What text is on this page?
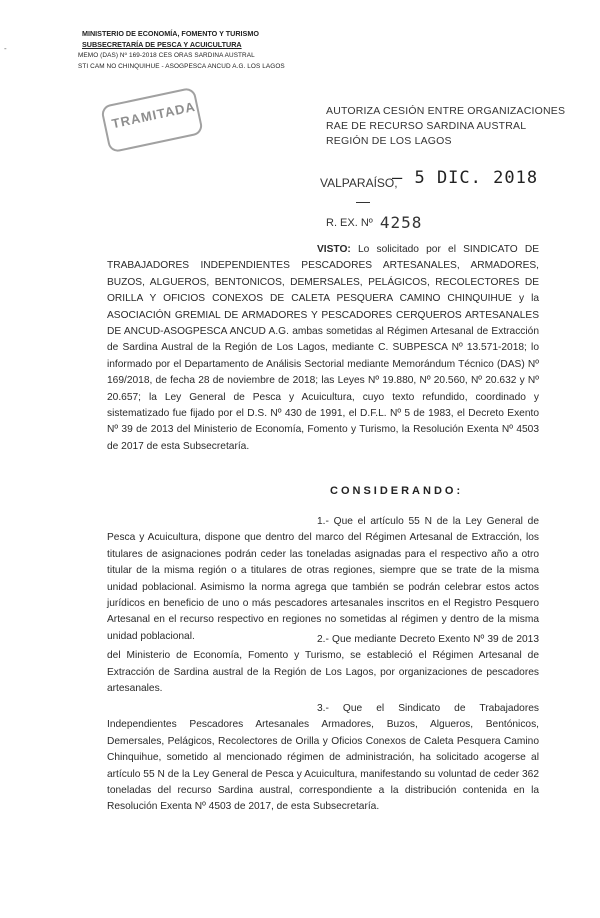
-
MINISTERIO DE ECONOMÍA, FOMENTO Y TURISMO
SUBSECRETARÍA DE PESCA Y ACUICULTURA
MEMO (DAS) Nº 169-2018 CES ORAS SARDINA AUSTRAL
STI CAM NO CHINQUIHUE - ASOGPESCA ANCUD A.G. LOS LAGOS
TRAMITADA	AUTORIZA CESIÓN ENTRE ORGANIZACIONES RAE DE RECURSO SARDINA AUSTRAL REGIÓN DE LOS LAGOS
VALPARAÍSO,
– 5 DIC. 2018
R. EX. Nº 4258

VISTO: Lo solicitado por el SINDICATO DE TRABAJADORES INDEPENDIENTES PESCADORES ARTESANALES, ARMADORES, BUZOS, ALGUEROS, BENTONICOS, DEMERSALES, PELÁGICOS, RECOLECTORES DE ORILLA Y OFICIOS CONEXOS DE CALETA PESQUERA CAMINO CHINQUIHUE y la ASOCIACIÓN GREMIAL DE ARMADORES Y PESCADORES CERQUEROS ARTESANALES DE ANCUD-ASOGPESCA ANCUD A.G. ambas sometidas al Régimen Artesanal de Extracción de Sardina Austral de la Región de Los Lagos, mediante C. SUBPESCA Nº 13.571-2018; lo informado por el Departamento de Análisis Sectorial mediante Memorándum Técnico (DAS) Nº 169/2018, de fecha 28 de noviembre de 2018; las Leyes Nº 19.880, Nº 20.560, Nº 20.632 y Nº 20.657; la Ley General de Pesca y Acuicultura, cuyo texto refundido, coordinado y sistematizado fue fijado por el D.S. Nº 430 de 1991, el D.F.L. Nº 5 de 1983, el Decreto Exento Nº 39 de 2013 del Ministerio de Economía, Fomento y Turismo, la Resolución Exenta Nº 4503 de 2017 de esta Subsecretaría.

CONSIDERANDO:

1.- Que el artículo 55 N de la Ley General de Pesca y Acuicultura, dispone que dentro del marco del Régimen Artesanal de Extracción, los titulares de asignaciones podrán ceder las toneladas asignadas para el respectivo año a otro titular de la misma región o a titulares de otras regiones, siempre que se trate de la misma unidad poblacional. Asimismo la norma agrega que también se podrán celebrar estos actos jurídicos en beneficio de uno o más pescadores artesanales inscritos en el Registro Pesquero Artesanal en el recurso respectivo en regiones no sometidas al régimen y dentro de la misma unidad poblacional.	2.- Que mediante Decreto Exento Nº 39 de 2013 del Ministerio de Economía, Fomento y Turismo, se estableció el Régimen Artesanal de Extracción de Sardina austral de la Región de Los Lagos, por organizaciones de pescadores artesanales.

3.- Que el Sindicato de Trabajadores Independientes Pescadores Artesanales Armadores, Buzos, Algueros, Bentónicos, Demersales, Pelágicos, Recolectores de Orilla y Oficios Conexos de Caleta Pesquera Camino Chinquihue, sometido al mencionado régimen de administración, ha solicitado acogerse al artículo 55 N de la Ley General de Pesca y Acuicultura, manifestando su voluntad de ceder 362 toneladas del recurso Sardina austral, correspondiente a la distribución contenida en la Resolución Exenta Nº 4503 de 2017, de esta Subsecretaría.
